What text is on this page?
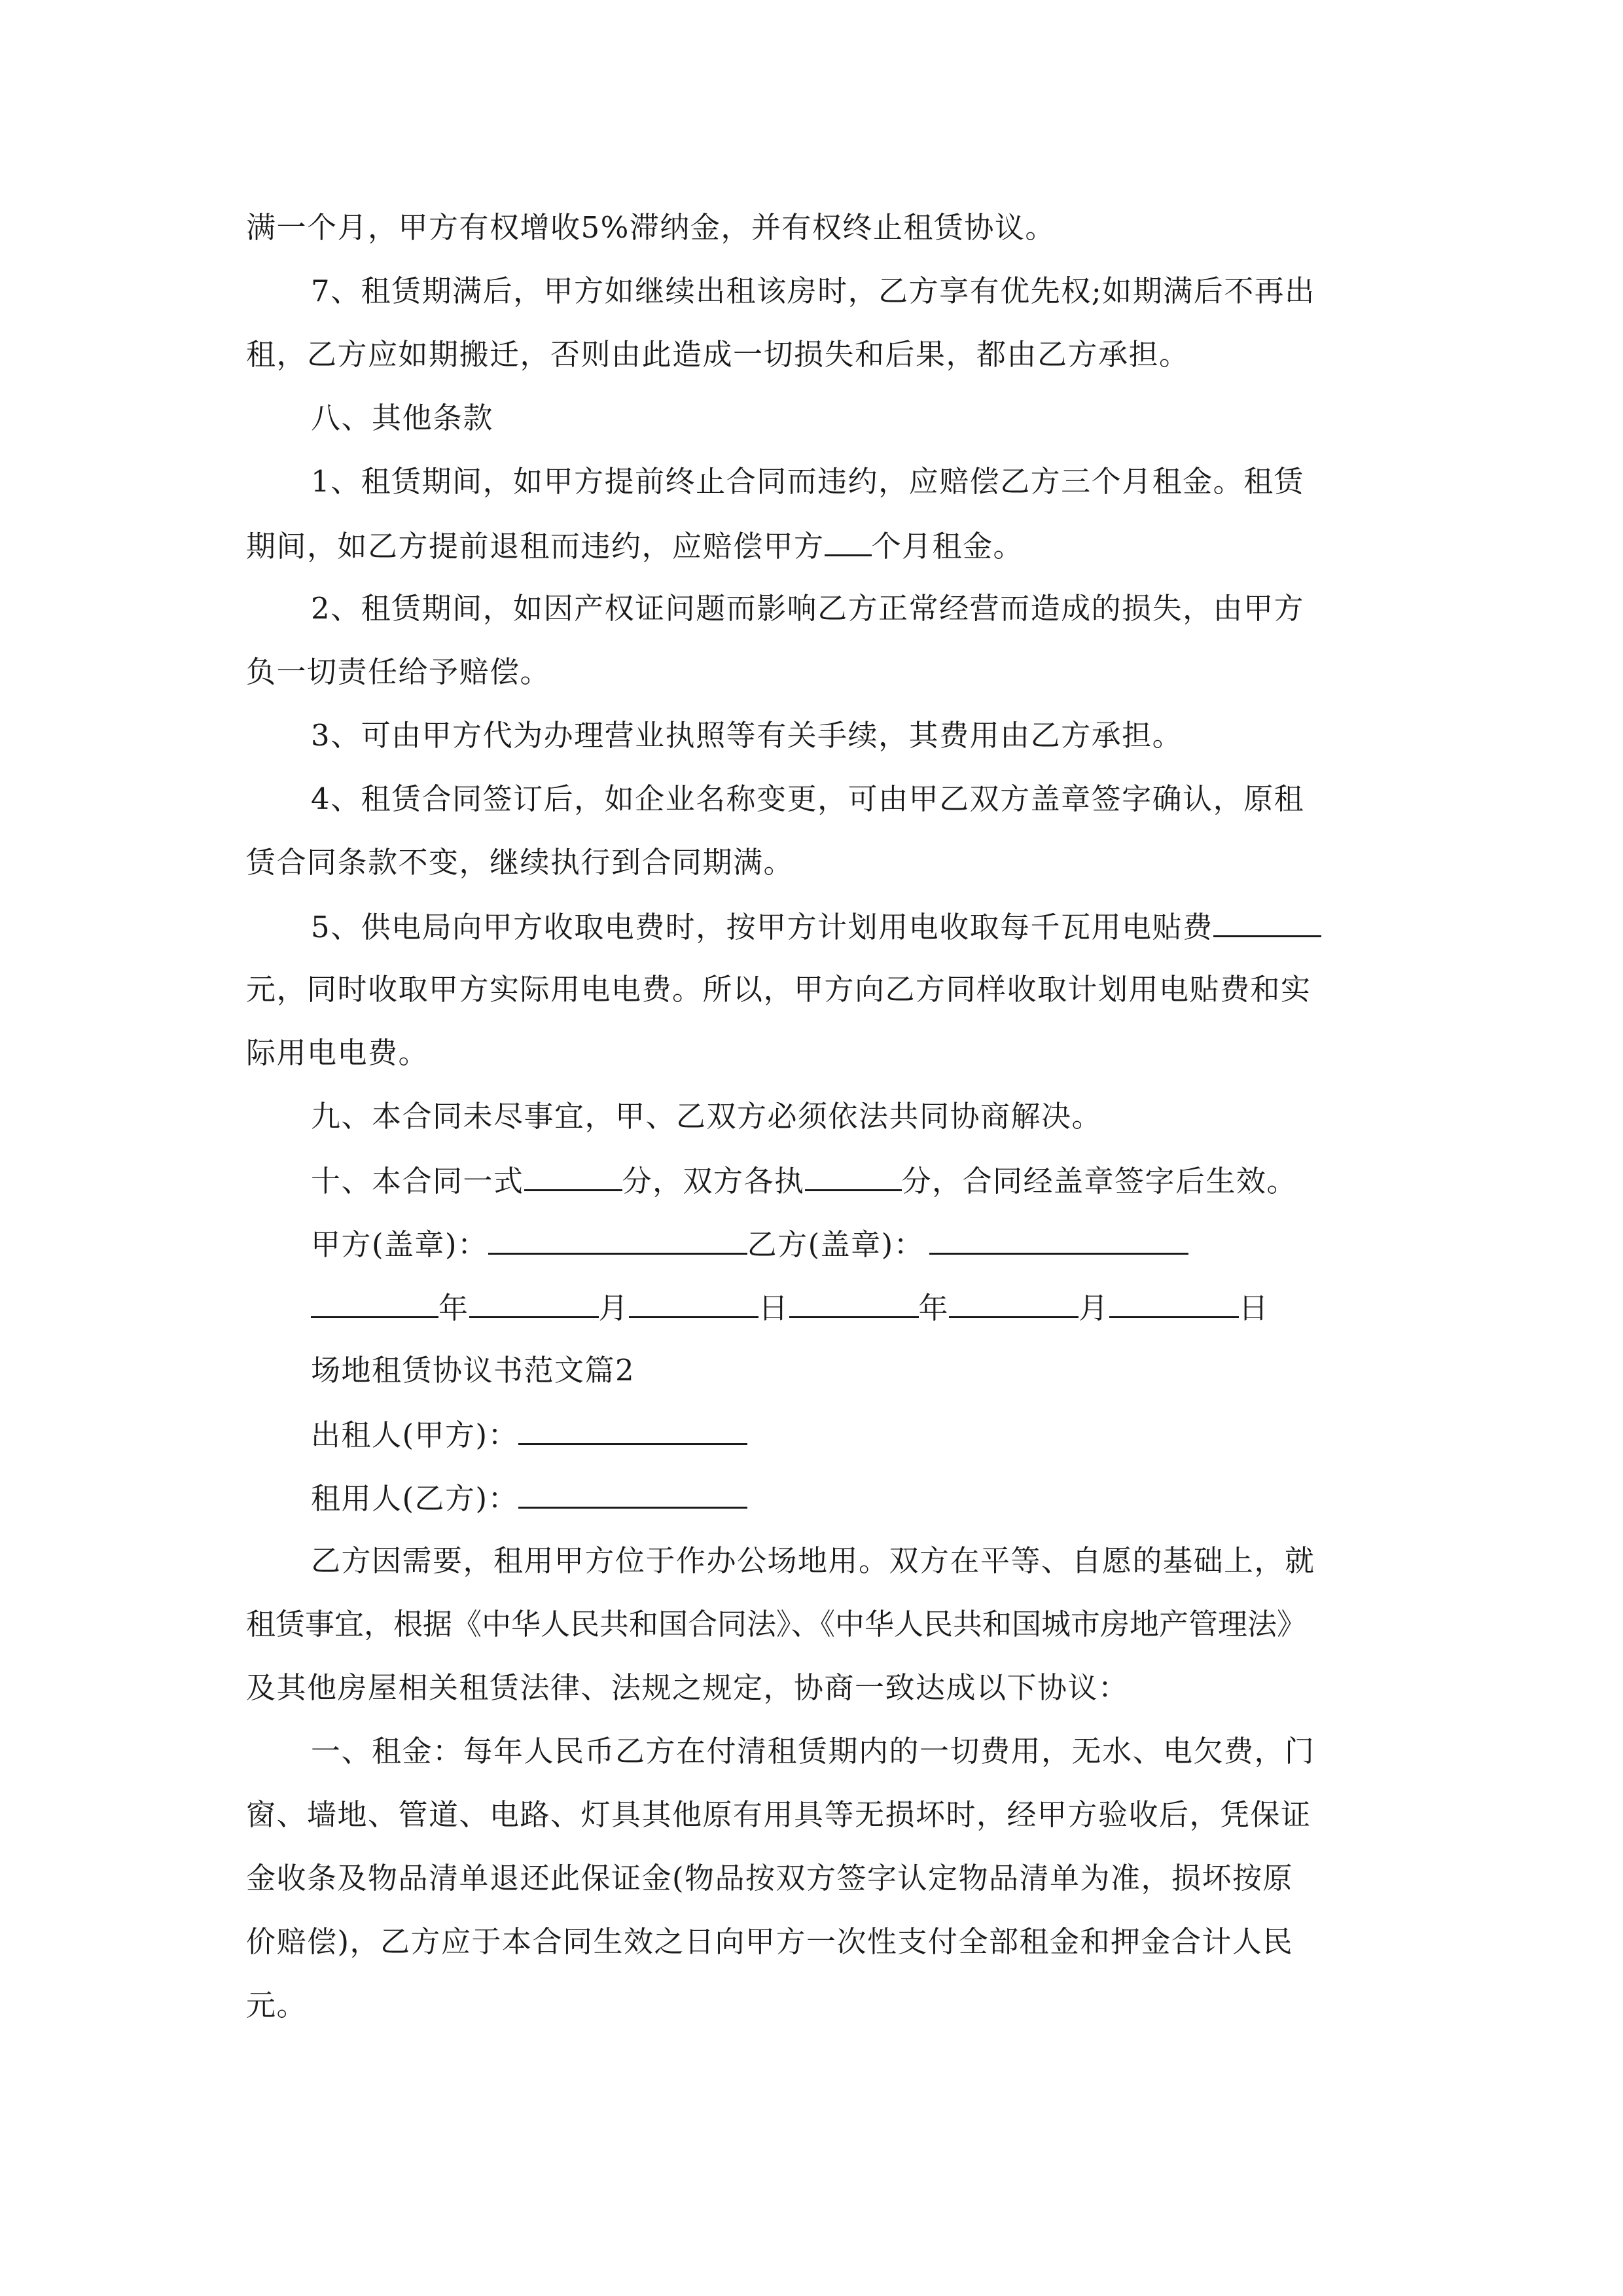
满一个月，甲方有权增收5%滞纳金，并有权终止租赁协议。
7、租赁期满后，甲方如继续出租该房时，乙方享有优先权;如期满后不再出
租，乙方应如期搬迁，否则由此造成一切损失和后果，都由乙方承担。
八、其他条款
1、租赁期间，如甲方提前终止合同而违约，应赔偿乙方三个月租金。租赁
期间，如乙方提前退租而违约，应赔偿甲方 个月租金。
2、租赁期间，如因产权证问题而影响乙方正常经营而造成的损失，由甲方
负一切责任给予赔偿。
3、可由甲方代为办理营业执照等有关手续，其费用由乙方承担。
4、租赁合同签订后，如企业名称变更，可由甲乙双方盖章签字确认，原租
赁合同条款不变，继续执行到合同期满。
5、供电局向甲方收取电费时，按甲方计划用电收取每千瓦用电贴费
元，同时收取甲方实际用电电费。所以，甲方向乙方同样收取计划用电贴费和实
际用电电费。
九、本合同未尽事宜，甲、乙双方必须依法共同协商解决。
十、本合同一式	分，双方各执	分，合同经盖章签字后生效。
甲方(盖章)：	乙方(盖章)：
年	月	日	年	月	日
场地租赁协议书范文篇2
出租人(甲方)：
租用人(乙方)：
乙方因需要，租用甲方位于作办公场地用。双方在平等、自愿的基础上，就
租赁事宜，根据《中华人民共和国合同法》、《中华人民共和国城市房地产管理法》
及其他房屋相关租赁法律、法规之规定，协商一致达成以下协议：
一、租金：每年人民币乙方在付清租赁期内的一切费用，无水、电欠费，门
窗、墙地、管道、电路、灯具其他原有用具等无损坏时，经甲方验收后，凭保证
金收条及物品清单退还此保证金(物品按双方签字认定物品清单为准，损坏按原
价赔偿)，乙方应于本合同生效之日向甲方一次性支付全部租金和押金合计人民
元。
